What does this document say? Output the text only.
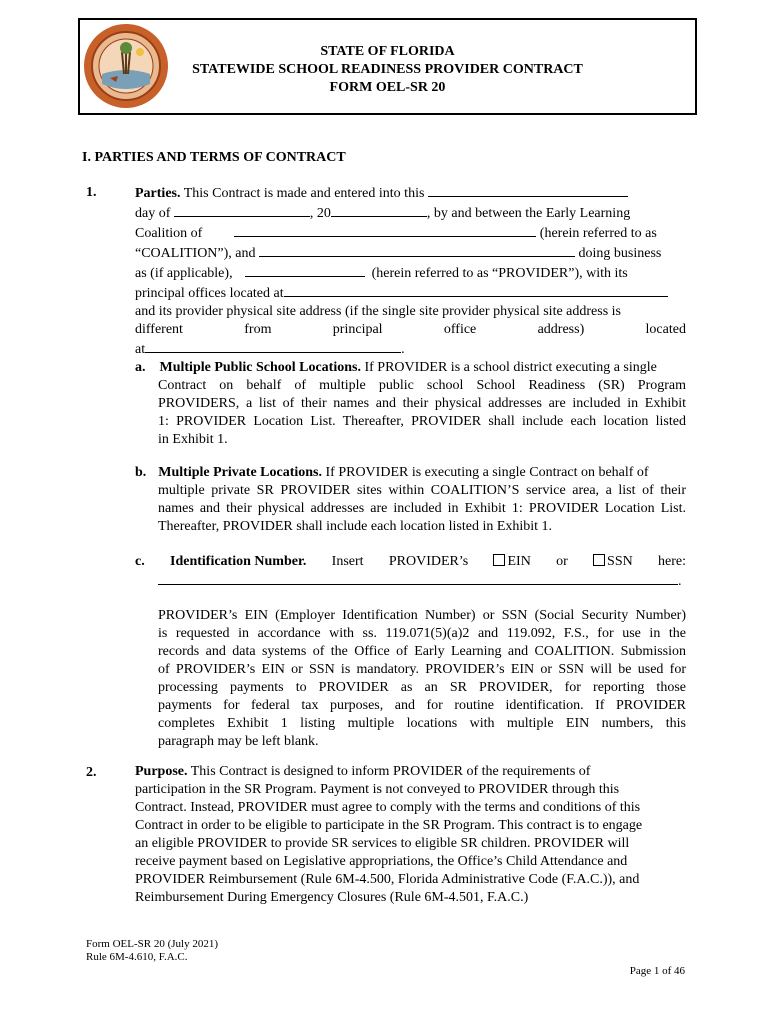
STATE OF FLORIDA
STATEWIDE SCHOOL READINESS PROVIDER CONTRACT
FORM OEL-SR 20
I. PARTIES AND TERMS OF CONTRACT
1.	Parties. This Contract is made and entered into this
day of	, 20	, by and between the Early Learning
Coalition of	(herein referred to as
“COALITION”), and	doing business
as (if applicable),	(herein referred to as “PROVIDER”), with its
principal offices located at
and its provider physical site address (if the single site provider physical site address is
different	from	principal	office	address)	located
at	.
a. Multiple Public School Locations. If PROVIDER is a school district executing a single
Contract on behalf of multiple public school School Readiness (SR) Program
PROVIDERS, a list of their names and their physical addresses are included in Exhibit
1: PROVIDER Location List. Thereafter, PROVIDER shall include each location listed
in Exhibit 1.
b. Multiple Private Locations. If PROVIDER is executing a single Contract on behalf of
multiple private SR PROVIDER sites within COALITION’S service area, a list of their
names and their physical addresses are included in Exhibit 1: PROVIDER Location List.
Thereafter, PROVIDER shall include each location listed in Exhibit 1.
c. Identification Number. Insert PROVIDER’s	EIN or	SSN here:
.
PROVIDER’s EIN (Employer Identification Number) or SSN (Social Security Number)
is requested in accordance with ss. 119.071(5)(a)2 and 119.092, F.S., for use in the
records and data systems of the Office of Early Learning and COALITION. Submission
of PROVIDER’s EIN or SSN is mandatory. PROVIDER’s EIN or SSN will be used for
processing payments to PROVIDER as an SR PROVIDER, for reporting those
payments for federal tax purposes, and for routine identification. If PROVIDER
completes Exhibit 1 listing multiple locations with multiple EIN numbers, this
paragraph may be left blank.
2.	Purpose. This Contract is designed to inform PROVIDER of the requirements of
participation in the SR Program. Payment is not conveyed to PROVIDER through this
Contract. Instead, PROVIDER must agree to comply with the terms and conditions of this
Contract in order to be eligible to participate in the SR Program. This contract is to engage
an eligible PROVIDER to provide SR services to eligible SR children. PROVIDER will
receive payment based on Legislative appropriations, the Office’s Child Attendance and
PROVIDER Reimbursement (Rule 6M-4.500, Florida Administrative Code (F.A.C.)), and
Reimbursement During Emergency Closures (Rule 6M-4.501, F.A.C.)
Form OEL-SR 20 (July 2021)
Rule 6M-4.610, F.A.C.
Page 1 of 46
